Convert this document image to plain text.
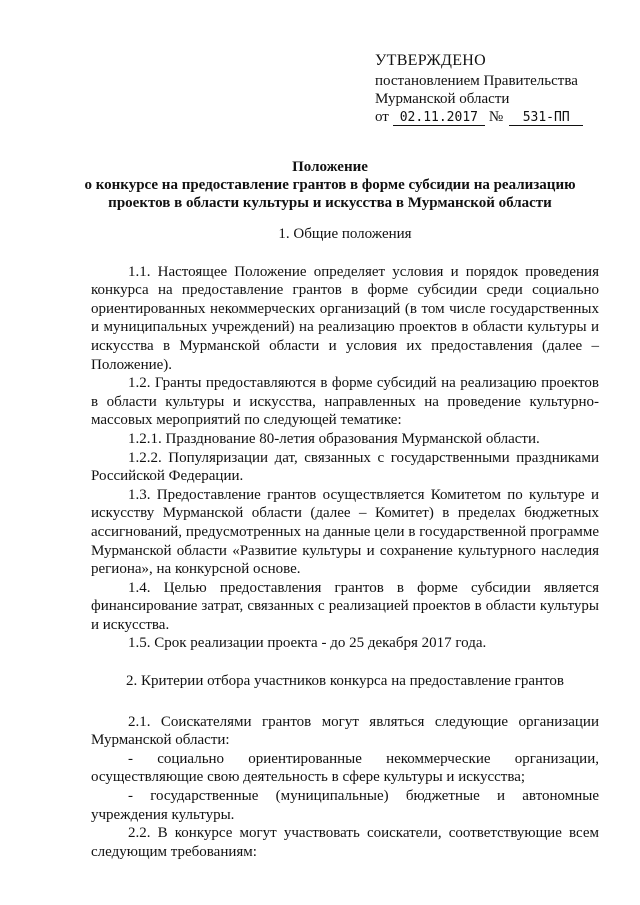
УТВЕРЖДЕНО
постановлением Правительства
Мурманской области
от 02.11.2017 №	531-ПП
Положение
о конкурсе на предоставление грантов в форме субсидии на реализацию
проектов в области культуры и искусства в Мурманской области

1. Общие положения

1.1. Настоящее Положение определяет условия и порядок проведения конкурса на предоставление грантов в форме субсидии среди социально ориентированных некоммерческих организаций (в том числе государственных и муниципальных учреждений) на реализацию проектов в области культуры и искусства в Мурманской области и условия их предоставления (далее – Положение).

1.2. Гранты предоставляются в форме субсидий на реализацию проектов в области культуры и искусства, направленных на проведение культурно-массовых мероприятий по следующей тематике:

1.2.1. Празднование 80-летия образования Мурманской области.

1.2.2. Популяризации дат, связанных с государственными праздниками Российской Федерации.

1.3. Предоставление грантов осуществляется Комитетом по культуре и искусству Мурманской области (далее – Комитет) в пределах бюджетных ассигнований, предусмотренных на данные цели в государственной программе Мурманской области «Развитие культуры и сохранение культурного наследия региона», на конкурсной основе.

1.4. Целью предоставления грантов в форме субсидии является финансирование затрат, связанных с реализацией проектов в области культуры и искусства.

1.5. Срок реализации проекта - до 25 декабря 2017 года.

2. Критерии отбора участников конкурса на предоставление грантов

2.1. Соискателями грантов могут являться следующие организации Мурманской области:

- социально ориентированные некоммерческие организации, осуществляющие свою деятельность в сфере культуры и искусства;

- государственные (муниципальные) бюджетные и автономные учреждения культуры.

2.2. В конкурсе могут участвовать соискатели, соответствующие всем следующим требованиям:
